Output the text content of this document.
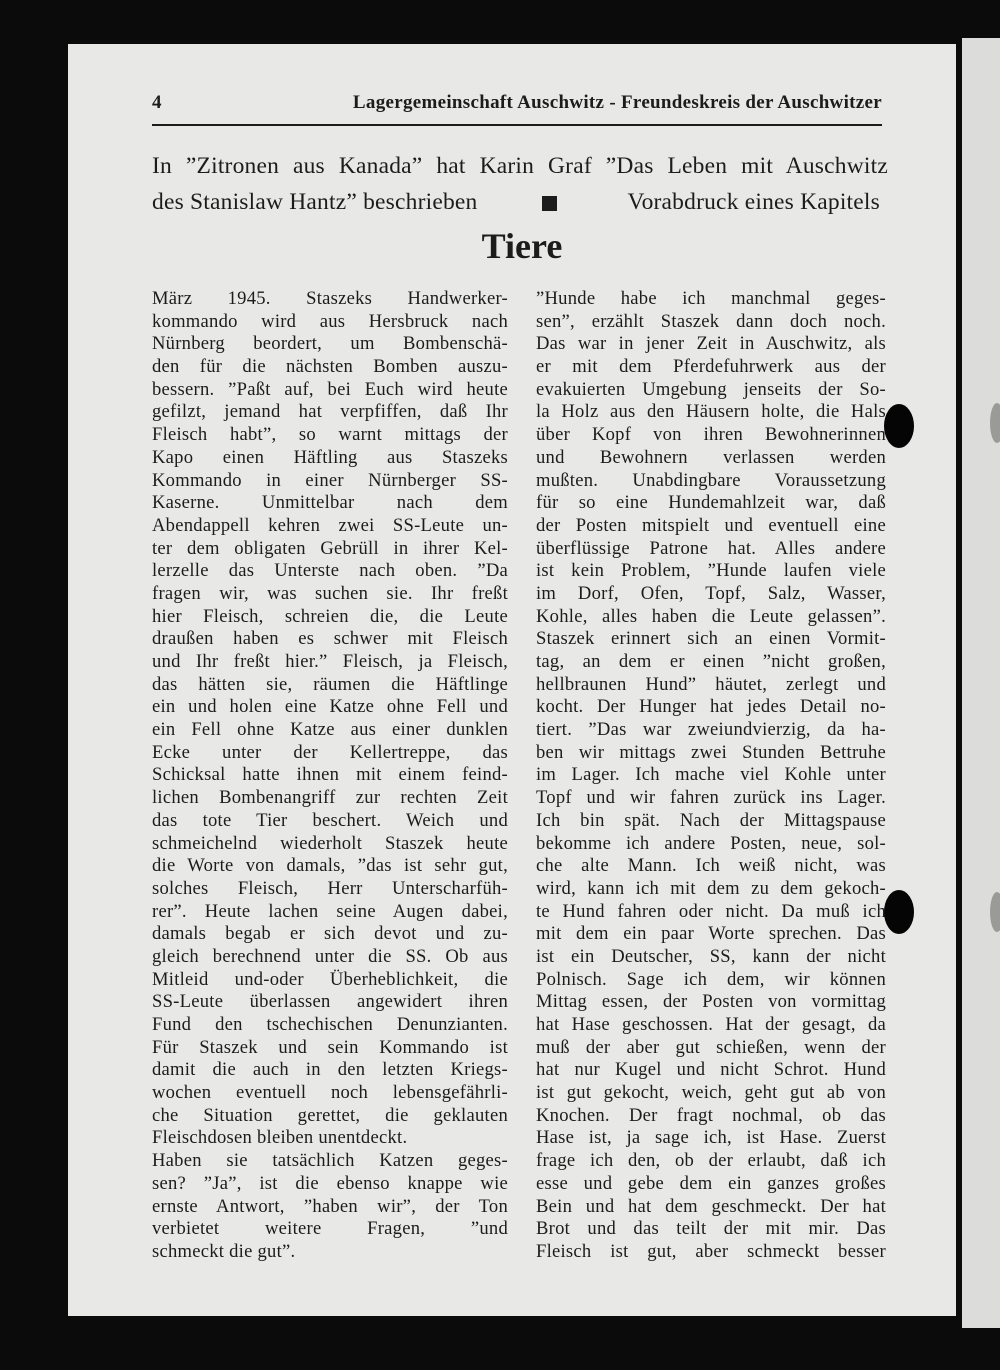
4	Lagergemeinschaft Auschwitz - Freundeskreis der Auschwitzer
In ”Zitronen aus Kanada” hat Karin Graf ”Das Leben mit Auschwitz
des Stanislaw Hantz” beschrieben	Vorabdruck eines Kapitels
Tiere
März 1945. Staszeks Handwerker-
kommando wird aus Hersbruck nach
Nürnberg beordert, um Bombenschä-
den für die nächsten Bomben auszu-
bessern. ”Paßt auf, bei Euch wird heute
gefilzt, jemand hat verpfiffen, daß Ihr
Fleisch habt”, so warnt mittags der
Kapo einen Häftling aus Staszeks
Kommando in einer Nürnberger SS-
Kaserne. Unmittelbar nach dem
Abendappell kehren zwei SS-Leute un-
ter dem obligaten Gebrüll in ihrer Kel-
lerzelle das Unterste nach oben. ”Da
fragen wir, was suchen sie. Ihr freßt
hier Fleisch, schreien die, die Leute
draußen haben es schwer mit Fleisch
und Ihr freßt hier.” Fleisch, ja Fleisch,
das hätten sie, räumen die Häftlinge
ein und holen eine Katze ohne Fell und
ein Fell ohne Katze aus einer dunklen
Ecke unter der Kellertreppe, das
Schicksal hatte ihnen mit einem feind-
lichen Bombenangriff zur rechten Zeit
das tote Tier beschert. Weich und
schmeichelnd wiederholt Staszek heute
die Worte von damals, ”das ist sehr gut,
solches Fleisch, Herr Unterscharfüh-
rer”. Heute lachen seine Augen dabei,
damals begab er sich devot und zu-
gleich berechnend unter die SS. Ob aus
Mitleid und-oder Überheblichkeit, die
SS-Leute überlassen angewidert ihren
Fund den tschechischen Denunzianten.
Für Staszek und sein Kommando ist
damit die auch in den letzten Kriegs-
wochen eventuell noch lebensgefährli-
che Situation gerettet, die geklauten
Fleischdosen bleiben unentdeckt.
Haben sie tatsächlich Katzen geges-
sen? ”Ja”, ist die ebenso knappe wie
ernste Antwort, ”haben wir”, der Ton
verbietet weitere Fragen, ”und
schmeckt die gut”.
”Hunde habe ich manchmal geges-
sen”, erzählt Staszek dann doch noch.
Das war in jener Zeit in Auschwitz, als
er mit dem Pferdefuhrwerk aus der
evakuierten Umgebung jenseits der So-
la Holz aus den Häusern holte, die Hals
über Kopf von ihren Bewohnerinnen
und Bewohnern verlassen werden
mußten. Unabdingbare Voraussetzung
für so eine Hundemahlzeit war, daß
der Posten mitspielt und eventuell eine
überflüssige Patrone hat. Alles andere
ist kein Problem, ”Hunde laufen viele
im Dorf, Ofen, Topf, Salz, Wasser,
Kohle, alles haben die Leute gelassen”.
Staszek erinnert sich an einen Vormit-
tag, an dem er einen ”nicht großen,
hellbraunen Hund” häutet, zerlegt und
kocht. Der Hunger hat jedes Detail no-
tiert. ”Das war zweiundvierzig, da ha-
ben wir mittags zwei Stunden Bettruhe
im Lager. Ich mache viel Kohle unter
Topf und wir fahren zurück ins Lager.
Ich bin spät. Nach der Mittagspause
bekomme ich andere Posten, neue, sol-
che alte Mann. Ich weiß nicht, was
wird, kann ich mit dem zu dem gekoch-
te Hund fahren oder nicht. Da muß ich
mit dem ein paar Worte sprechen. Das
ist ein Deutscher, SS, kann der nicht
Polnisch. Sage ich dem, wir können
Mittag essen, der Posten von vormittag
hat Hase geschossen. Hat der gesagt, da
muß der aber gut schießen, wenn der
hat nur Kugel und nicht Schrot. Hund
ist gut gekocht, weich, geht gut ab von
Knochen. Der fragt nochmal, ob das
Hase ist, ja sage ich, ist Hase. Zuerst
frage ich den, ob der erlaubt, daß ich
esse und gebe dem ein ganzes großes
Bein und hat dem geschmeckt. Der hat
Brot und das teilt der mit mir. Das
Fleisch ist gut, aber schmeckt besser
